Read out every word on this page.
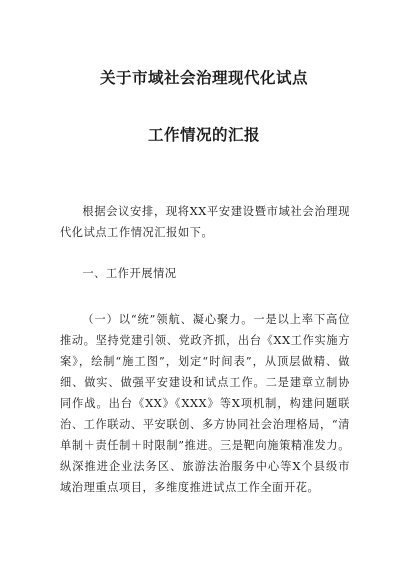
关于市域社会治理现代化试点
工作情况的汇报
根据会议安排，现将XX平安建设暨市域社会治理现代化试点工作情况汇报如下。
一、工作开展情况
（一）以“统”领航、凝心聚力。一是以上率下高位推动。坚持党建引领、党政齐抓，出台《XX工作实施方案》，绘制“施工图”，划定“时间表”，从顶层做精、做细、做实、做强平安建设和试点工作。二是建章立制协同作战。出台《XX》《XXX》等X项机制，构建问题联治、工作联动、平安联创、多方协同社会治理格局，“清单制＋责任制＋时限制”推进。三是靶向施策精准发力。纵深推进企业法务区、旅游法治服务中心等X个县级市域治理重点项目，多维度推进试点工作全面开花。
